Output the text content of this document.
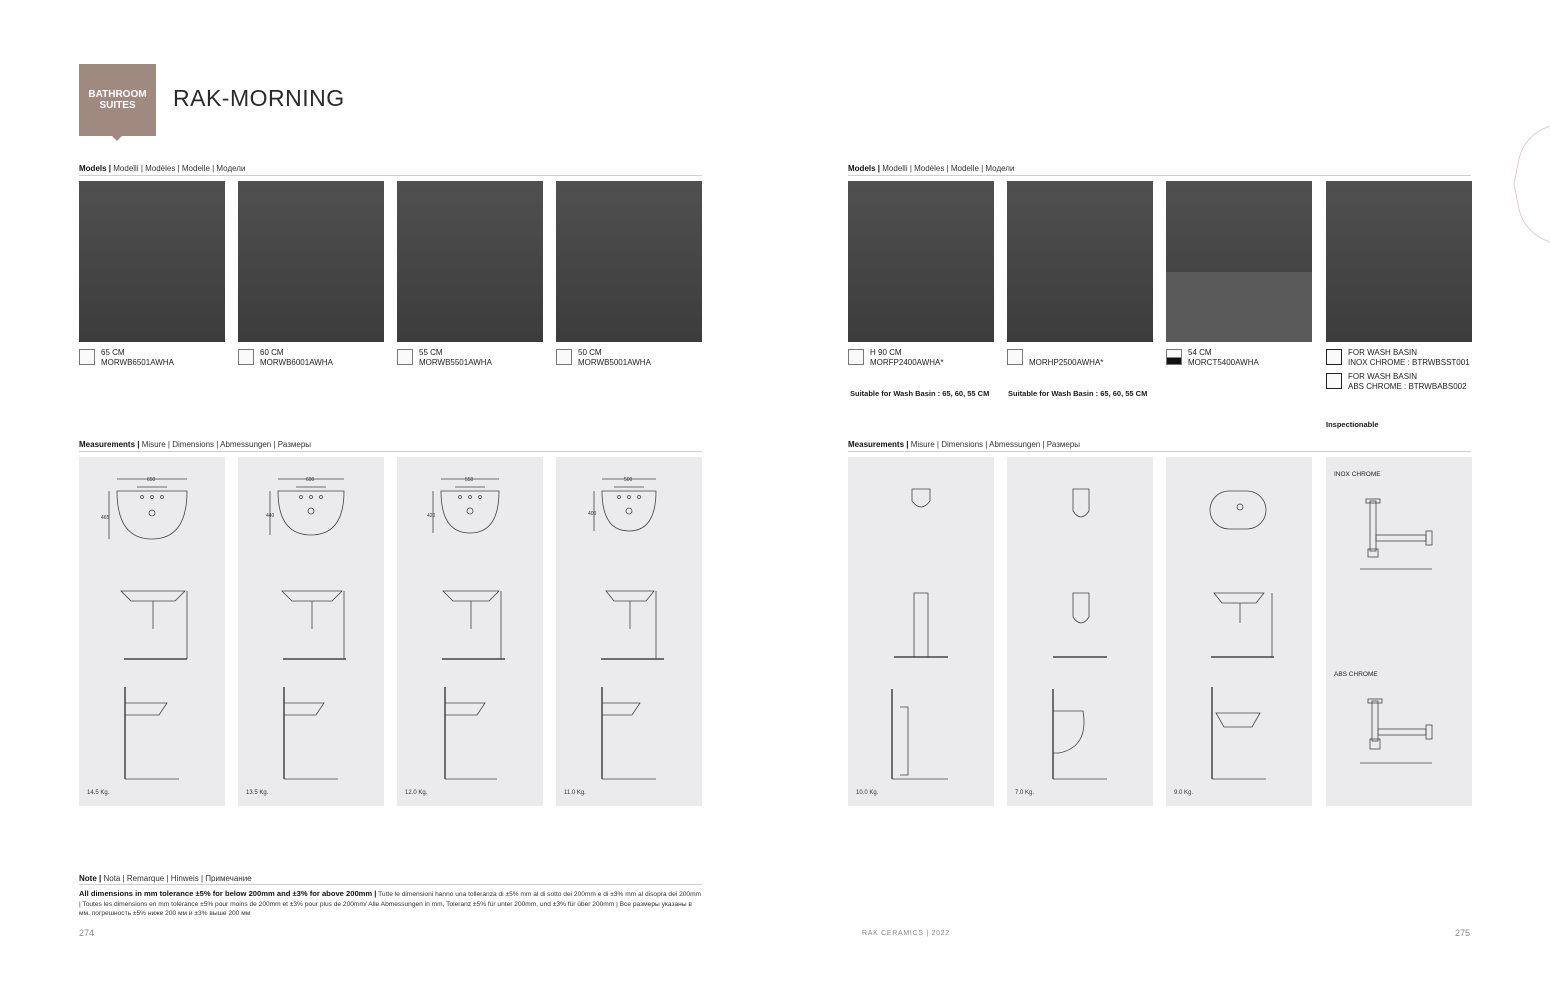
BATHROOM
SUITES	RAK-MORNING
Models | Modelli | Modèles | Modelle | Модели	Models | Modelli | Modèles | Modelle | Модели
65 CM
MORWB6501AWHA
60 CM
MORWB6001AWHA
55 CM
MORWB5501AWHA
50 CM
MORWB5001AWHA
H 90 CM
MORFP2400AWHA*	MORHP2500AWHA*
54 CM
MORCT5400AWHA
FOR WASH BASIN
INOX CHROME : BTRWBSST001
FOR WASH BASIN
ABS CHROME : BTRWBABS002
Suitable for Wash Basin : 65, 60, 55 CM Suitable for Wash Basin : 65, 60, 55 CM
Inspectionable
Measurements | Misure | Dimensions | Abmessungen | Размеры	Measurements | Misure | Dimensions | Abmessungen | Размеры
650
465
14.5 Kg.
600
440
13.5 Kg.
550
420
12.0 Kg.
500
400
11.0 Kg.	10.0 Kg.	7.0 Kg.	9.0 Kg.
INOX CHROME
ABS CHROME
Note | Nota | Remarque | Hinweis | Примечание
All dimensions in mm tolerance ±5% for below 200mm and ±3% for above 200mm | Tutte le dimensioni hanno una tolleranza di ±5% mm al di sotto dei 200mm e di ±3% mm al disopra dei 200mm | Toutes les dimensions en mm tolérance ±5% pour moins de 200mm et ±3% pour plus de 200mm/ Alle Abmessungen in mm, Toleranz ±5% für unter 200mm, und ±3% für über 200mm | Все размеры указаны в мм, погрешность ±5% ниже 200 мм и ±3% выше 200 мм
274	RAK CERAMICS | 2022	275
